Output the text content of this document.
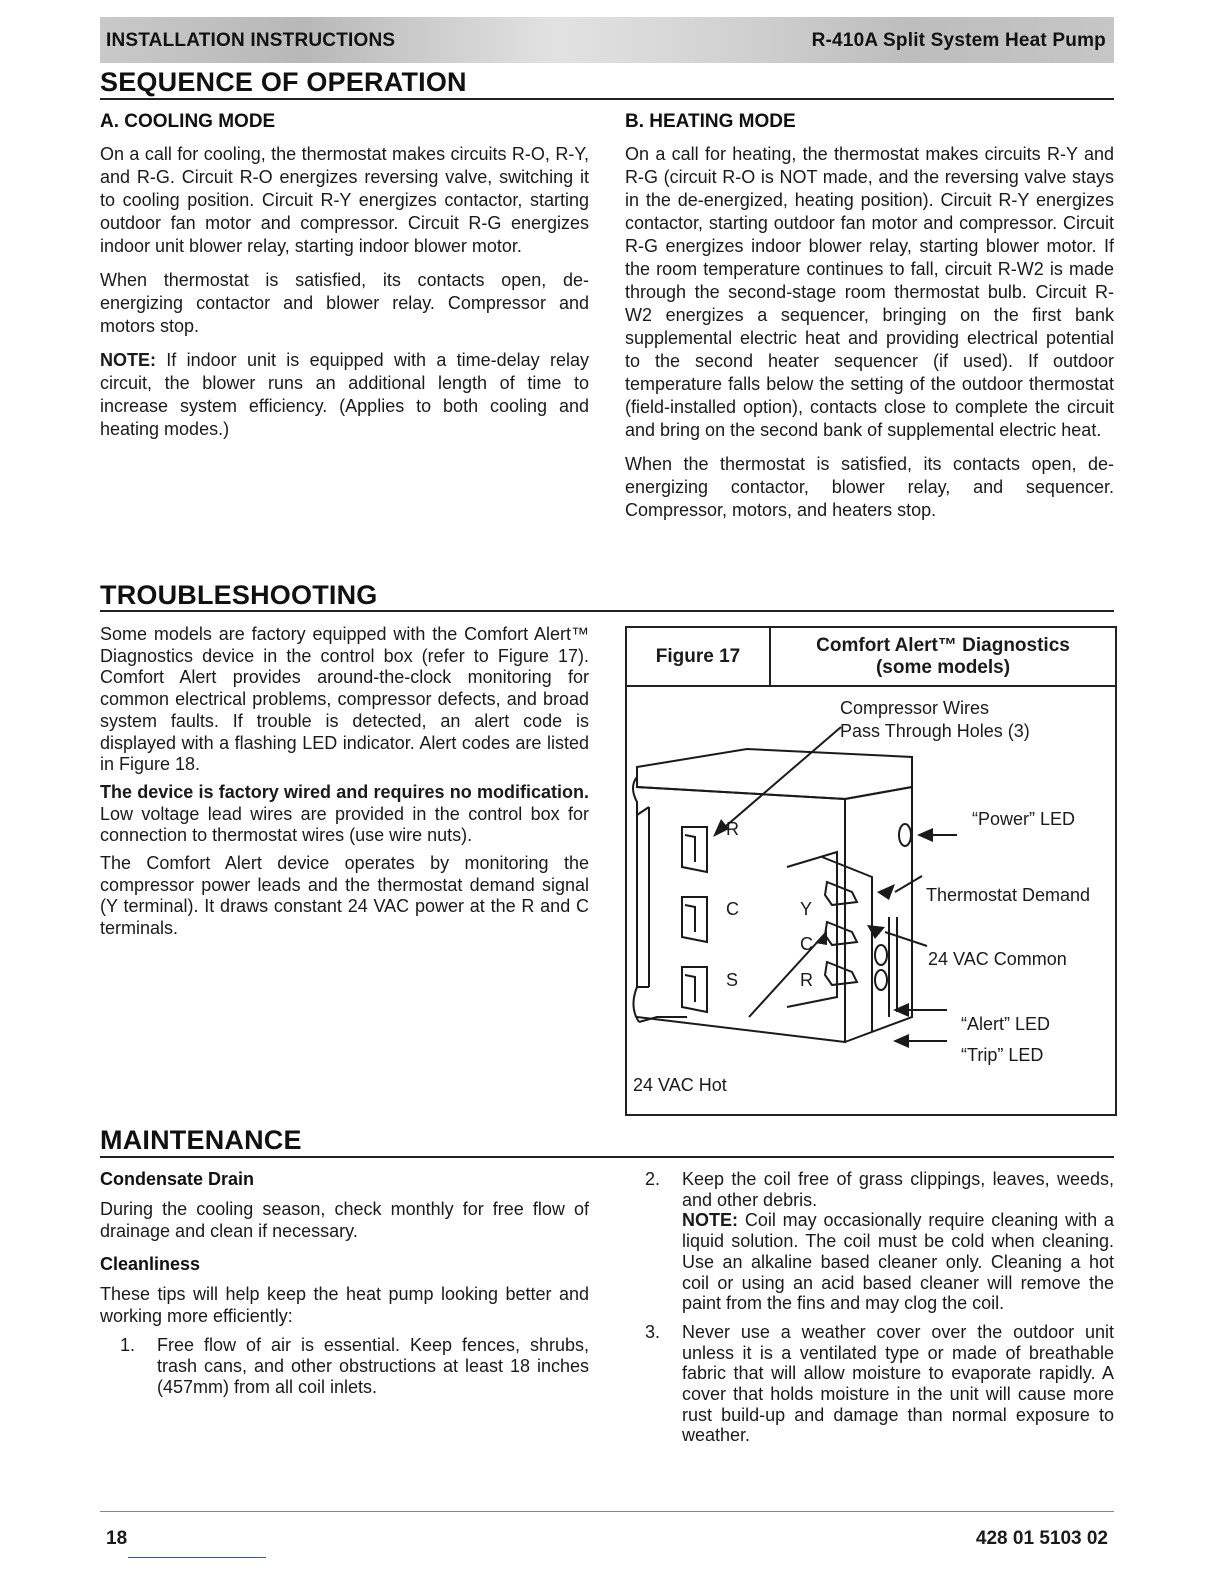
INSTALLATION INSTRUCTIONS	R-410A Split System Heat Pump
SEQUENCE OF OPERATION
A. COOLING MODE

On a call for cooling, the thermostat makes circuits R-O, R-Y, and R-G. Circuit R-O energizes reversing valve, switching it to cooling position. Circuit R-Y energizes contactor, starting outdoor fan motor and compressor. Circuit R-G energizes indoor unit blower relay, starting indoor blower motor.

When thermostat is satisfied, its contacts open, de-energizing contactor and blower relay. Compressor and motors stop.

NOTE: If indoor unit is equipped with a time-delay relay circuit, the blower runs an additional length of time to increase system efficiency. (Applies to both cooling and heating modes.)

B. HEATING MODE

On a call for heating, the thermostat makes circuits R-Y and R-G (circuit R-O is NOT made, and the reversing valve stays in the de-energized, heating position). Circuit R-Y energizes contactor, starting outdoor fan motor and compressor. Circuit R-G energizes indoor blower relay, starting blower motor. If the room temperature continues to fall, circuit R-W2 is made through the second-stage room thermostat bulb. Circuit R-W2 energizes a sequencer, bringing on the first bank supplemental electric heat and providing electrical potential to the second heater sequencer (if used). If outdoor temperature falls below the setting of the outdoor thermostat (field-installed option), contacts close to complete the circuit and bring on the second bank of supplemental electric heat.

When the thermostat is satisfied, its contacts open, de-energizing contactor, blower relay, and sequencer. Compressor, motors, and heaters stop.

TROUBLESHOOTING

Some models are factory equipped with the Comfort Alert™ Diagnostics device in the control box (refer to Figure 17). Comfort Alert provides around-the-clock monitoring for common electrical problems, compressor defects, and broad system faults. If trouble is detected, an alert code is displayed with a flashing LED indicator. Alert codes are listed in Figure 18.

The device is factory wired and requires no modification. Low voltage lead wires are provided in the control box for connection to thermostat wires (use wire nuts).

The Comfort Alert device operates by monitoring the compressor power leads and the thermostat demand signal (Y terminal). It draws constant 24 VAC power at the R and C terminals.

Figure 17
Comfort Alert™ Diagnostics
(some models)
Compressor Wires
Pass Through Holes (3)
“Power” LED
Thermostat Demand
24 VAC Common
“Alert” LED
“Trip” LED
24 VAC Hot
R
C
S
Y
C
R
MAINTENANCE
Condensate Drain

During the cooling season, check monthly for free flow of drainage and clean if necessary.

Cleanliness

These tips will help keep the heat pump looking better and working more efficiently:

1. Free flow of air is essential. Keep fences, shrubs, trash cans, and other obstructions at least 18 inches (457mm) from all coil inlets.

2. Keep the coil free of grass clippings, leaves, weeds, and other debris.

NOTE: Coil may occasionally require cleaning with a liquid solution. The coil must be cold when cleaning. Use an alkaline based cleaner only. Cleaning a hot coil or using an acid based cleaner will remove the paint from the fins and may clog the coil.

3. Never use a weather cover over the outdoor unit unless it is a ventilated type or made of breathable fabric that will allow moisture to evaporate rapidly. A cover that holds moisture in the unit will cause more rust build-up and damage than normal exposure to weather.

18	428 01 5103 02
